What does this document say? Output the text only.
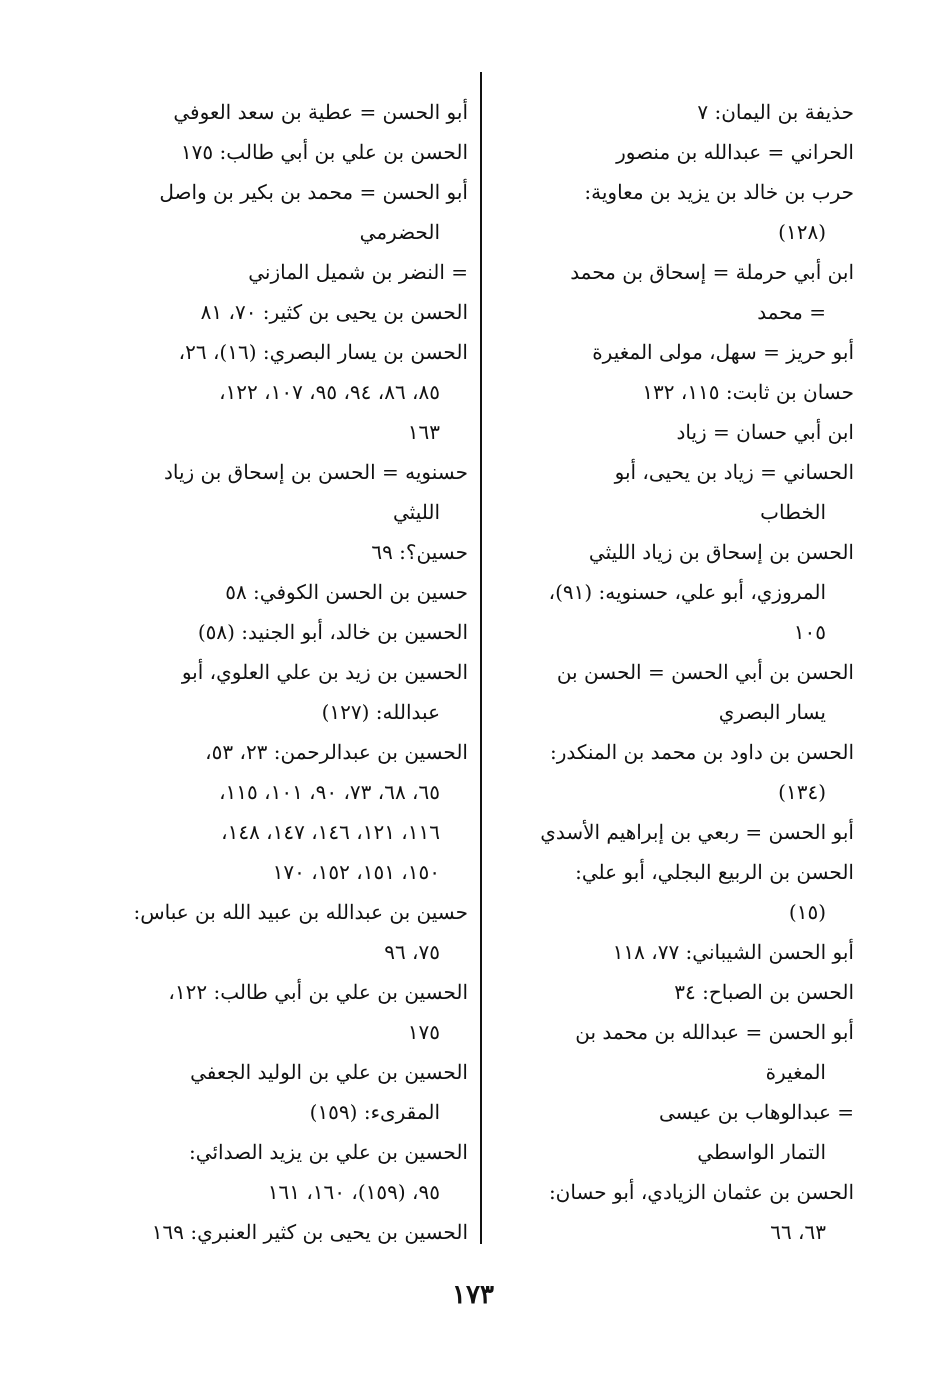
حذيفة بن اليمان: ٧
الحراني = عبدالله بن منصور
حرب بن خالد بن يزيد بن معاوية:
(١٢٨)
ابن أبي حرملة = إسحاق بن محمد
= محمد
أبو حريز = سهل، مولى المغيرة
حسان بن ثابت: ١١٥، ١٣٢
ابن أبي حسان = زياد
الحساني = زياد بن يحيى، أبو
الخطاب
الحسن بن إسحاق بن زياد الليثي
المروزي، أبو علي، حسنويه: (٩١)،
١٠٥
الحسن بن أبي الحسن = الحسن بن
يسار البصري
الحسن بن داود بن محمد بن المنكدر:
(١٣٤)
أبو الحسن = ربعي بن إبراهيم الأسدي
الحسن بن الربيع البجلي، أبو علي:
(١٥)
أبو الحسن الشيباني: ٧٧، ١١٨
الحسن بن الصباح: ٣٤
أبو الحسن = عبدالله بن محمد بن
المغيرة
= عبدالوهاب بن عيسى
التمار الواسطي
الحسن بن عثمان الزيادي، أبو حسان:
٦٣، ٦٦
أبو الحسن = عطية بن سعد العوفي
الحسن بن علي بن أبي طالب: ١٧٥
أبو الحسن = محمد بن بكير بن واصل
الحضرمي
= النضر بن شميل المازني
الحسن بن يحيى بن كثير: ٧٠، ٨١
الحسن بن يسار البصري: (١٦)، ٢٦،
٨٥، ٨٦، ٩٤، ٩٥، ١٠٧، ١٢٢،
١٦٣
حسنويه = الحسن بن إسحاق بن زياد
الليثي
حسين؟: ٦٩
حسين بن الحسن الكوفي: ٥٨
الحسين بن خالد، أبو الجنيد: (٥٨)
الحسين بن زيد بن علي العلوي، أبو
عبدالله: (١٢٧)
الحسين بن عبدالرحمن: ٢٣، ٥٣،
٦٥، ٦٨، ٧٣، ٩٠، ١٠١، ١١٥،
١١٦، ١٢١، ١٤٦، ١٤٧، ١٤٨،
١٥٠، ١٥١، ١٥٢، ١٧٠
حسين بن عبدالله بن عبيد الله بن عباس:
٧٥، ٩٦
الحسين بن علي بن أبي طالب: ١٢٢،
١٧٥
الحسين بن علي بن الوليد الجعفي
المقرىء: (١٥٩)
الحسين بن علي بن يزيد الصدائي:
٩٥، (١٥٩)، ١٦٠، ١٦١
الحسين بن يحيى بن كثير العنبري: ١٦٩
١٧٣
